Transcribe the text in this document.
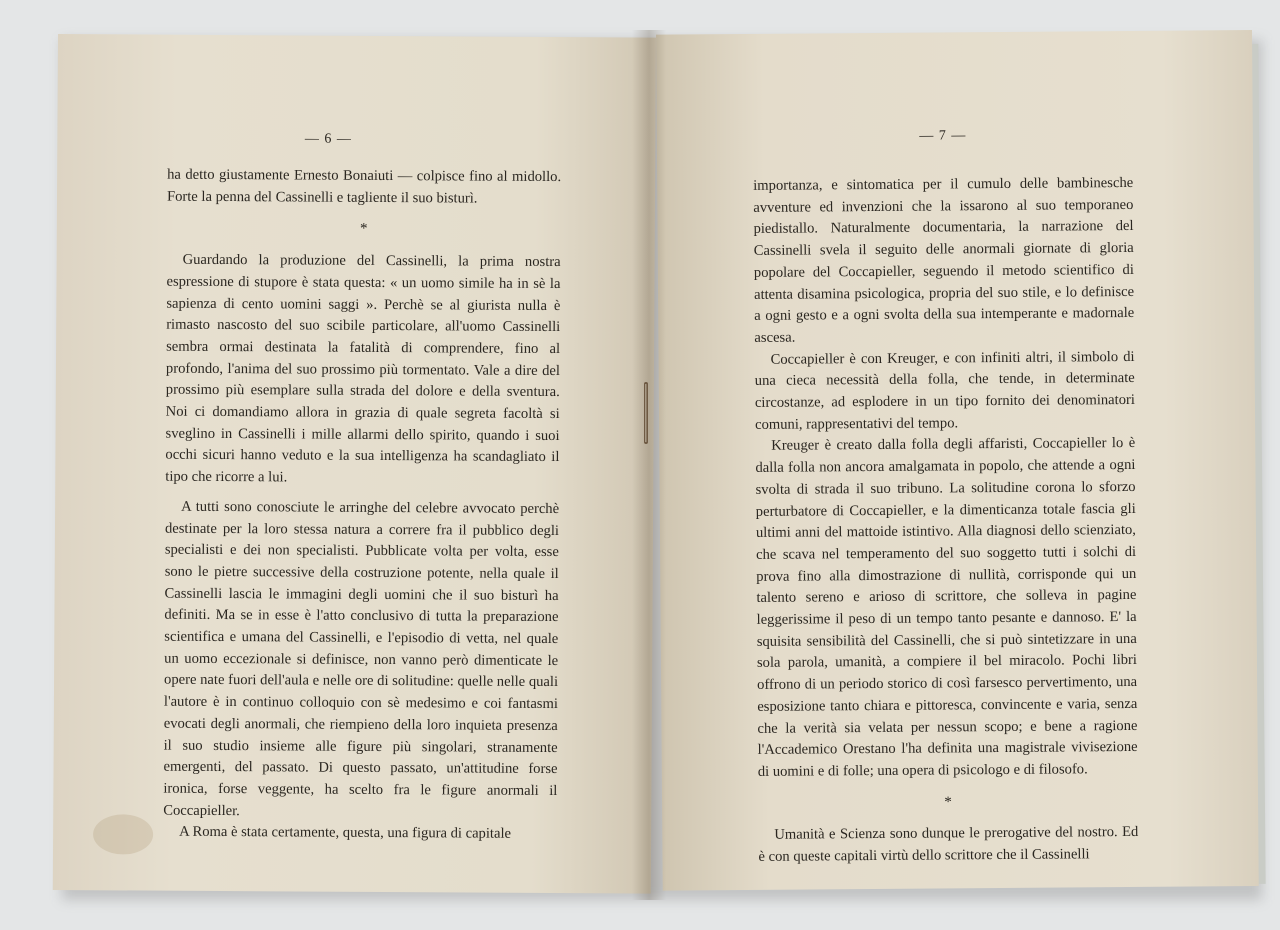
— 6 —

ha detto giustamente Ernesto Bonaiuti — colpisce fino al midollo. Forte la penna del Cassinelli e tagliente il suo bisturì.

*

Guardando la produzione del Cassinelli, la prima nostra espressione di stupore è stata questa: « un uomo simile ha in sè la sapienza di cento uomini saggi ». Perchè se al giurista nulla è rimasto nascosto del suo scibile particolare, all'uomo Cassinelli sembra ormai destinata la fatalità di comprendere, fino al profondo, l'anima del suo prossimo più tormentato. Vale a dire del prossimo più esemplare sulla strada del dolore e della sventura. Noi ci domandiamo allora in grazia di quale segreta facoltà si sveglino in Cassinelli i mille allarmi dello spirito, quando i suoi occhi sicuri hanno veduto e la sua intelligenza ha scandagliato il tipo che ricorre a lui.

A tutti sono conosciute le arringhe del celebre avvocato perchè destinate per la loro stessa natura a correre fra il pubblico degli specialisti e dei non specialisti. Pubblicate volta per volta, esse sono le pietre successive della costruzione potente, nella quale il Cassinelli lascia le immagini degli uomini che il suo bisturì ha definiti. Ma se in esse è l'atto conclusivo di tutta la preparazione scientifica e umana del Cassinelli, e l'episodio di vetta, nel quale un uomo eccezionale si definisce, non vanno però dimenticate le opere nate fuori dell'aula e nelle ore di solitudine: quelle nelle quali l'autore è in continuo colloquio con sè medesimo e coi fantasmi evocati degli anormali, che riempieno della loro inquieta presenza il suo studio insieme alle figure più singolari, stranamente emergenti, del passato. Di questo passato, un'attitudine forse ironica, forse veggente, ha scelto fra le figure anormali il Coccapieller.

A Roma è stata certamente, questa, una figura di capitale

— 7 —

importanza, e sintomatica per il cumulo delle bambinesche avventure ed invenzioni che la issarono al suo temporaneo piedistallo. Naturalmente documentaria, la narrazione del Cassinelli svela il seguito delle anormali giornate di gloria popolare del Coccapieller, seguendo il metodo scientifico di attenta disamina psicologica, propria del suo stile, e lo definisce a ogni gesto e a ogni svolta della sua intemperante e madornale ascesa.

Coccapieller è con Kreuger, e con infiniti altri, il simbolo di una cieca necessità della folla, che tende, in determinate circostanze, ad esplodere in un tipo fornito dei denominatori comuni, rappresentativi del tempo.

Kreuger è creato dalla folla degli affaristi, Coccapieller lo è dalla folla non ancora amalgamata in popolo, che attende a ogni svolta di strada il suo tribuno. La solitudine corona lo sforzo perturbatore di Coccapieller, e la dimenticanza totale fascia gli ultimi anni del mattoide istintivo. Alla diagnosi dello scienziato, che scava nel temperamento del suo soggetto tutti i solchi di prova fino alla dimostrazione di nullità, corrisponde qui un talento sereno e arioso di scrittore, che solleva in pagine leggerissime il peso di un tempo tanto pesante e dannoso. E' la squisita sensibilità del Cassinelli, che si può sintetizzare in una sola parola, umanità, a compiere il bel miracolo. Pochi libri offrono di un periodo storico di così farsesco pervertimento, una esposizione tanto chiara e pittoresca, convincente e varia, senza che la verità sia velata per nessun scopo; e bene a ragione l'Accademico Orestano l'ha definita una magistrale vivisezione di uomini e di folle; una opera di psicologo e di filosofo.

*

Umanità e Scienza sono dunque le prerogative del nostro. Ed è con queste capitali virtù dello scrittore che il Cassinelli
